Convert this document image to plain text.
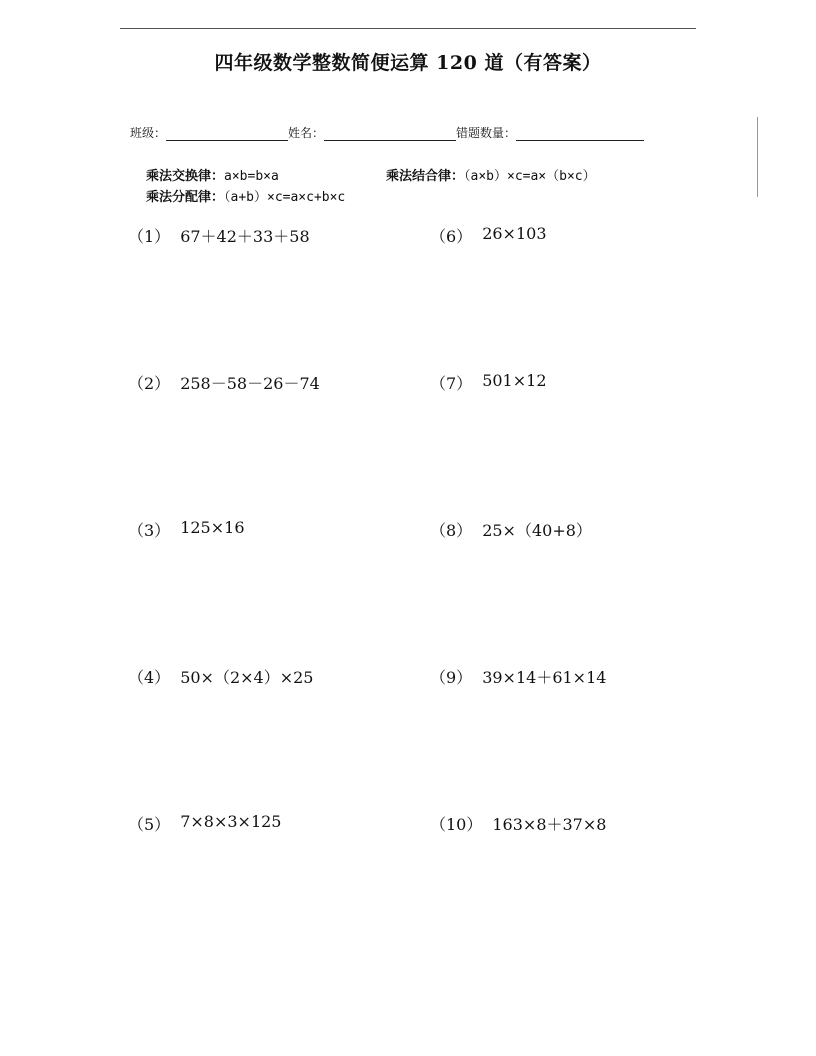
四年级数学整数简便运算 120 道（有答案）
班级：	姓名：	错题数量：
乘法交换律：a×b=b×a	乘法结合律：（a×b）×c=a×（b×c）
乘法分配律：（a+b）×c=a×c+b×c
（1） 67＋42＋33＋58
（2） 258－58－26－74
（3） 125×16
（4） 50×（2×4）×25
（5） 7×8×3×125
（6） 26×103
（7） 501×12
（8） 25×（40+8）
（9） 39×14＋61×14
（10） 163×8＋37×8
